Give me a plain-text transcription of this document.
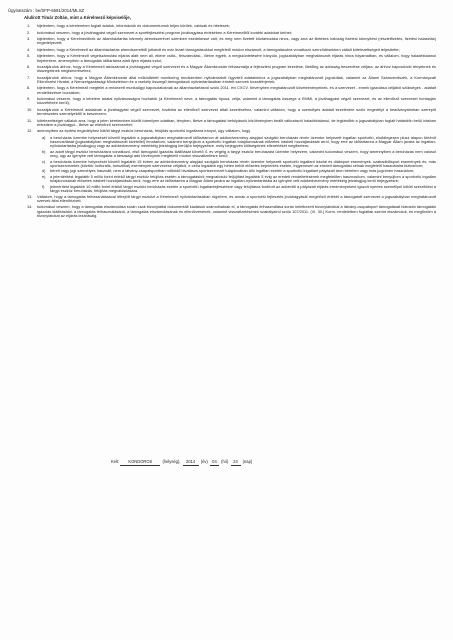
Ügyiratszám : be/SFP-6591/2014/MLSZ
Alulírott Timár Zoltán, mint a Kérelmező képviselője,
1. kijelentem, hogy a kérelemben foglalt adatok, információk és dokumentumok teljes körűek, valósak és hitelesek;
2. tudomásul veszem, hogy a jóváhagyást végző szervezet a sportfejlesztési program jóváhagyása érdekében a Kérelmezőtől további adatokat kérhet;
3. kijelentem, hogy a Kérelmezőnek az államháztartás bármely alrendszerével szemben esedékessé vált, és meg nem fizetett köztartozása nincs, vagy arra az illetékes hatóság fizetési könnyítést (részletfizetés, fizetési halasztás) engedélyezett;
4. kijelentem, hogy a Kérelmező az államháztartás alrendszereiből juttatott és már lezárt támogatásokkal megfelelő módon elszámolt, a támogatásokra vonatkozó szerződésekben vállalt kötelezettségeit teljesítette;
5. kijelentem, hogy a Kérelmező végelszámolási eljárás alatt nem áll, ellene csőd-, felszámolási-, illetve egyéb, a megszüntetésére irányuló, jogszabályban meghatározott eljárás nincs folyamatban, és vállalom, hogy haladéktalanul bejelentem, amennyiben a támogatás időtartama alatt ilyen eljárás indul;
6. hozzájárulok ahhoz, hogy a Kérelmező adószámát a jóváhagyást végző szervezet és a Magyar Államkincstár felhasználja a fejlesztési program kezelése, illetőleg az adósság beszedése céljára, az ahhoz kapcsolódó tényeknek és összegeknek megismeréséhez;
7. hozzájárulok ahhoz, hogy a Magyar Államkincstár által működtetett monitoring rendszerben nyilvántartott ügyviteli adatainkhoz a jogszabályban meghatározott jogosultak, valamint az Állami Számvevőszék, a Kormányzati Ellenőrzési Hivatal, a Nemzetgazdasági Minisztérium és a csekély összegű támogatások nyilvántartásában érintett szervek hozzáférjenek;
8. kijelentem, hogy a Kérelmező megfelel a rendezett munkaügyi kapcsolatoknak az államháztartásról szóló 2011. évi CXCV. törvényben meghatározott követelményeinek, és a szervezet - ennek igazolása céljából szükséges - adatait rendelkezésre bocsátom;
9. tudomásul veszem, hogy a kérelem adatai nyilvánosságra hozhatók (a Kérelmező neve, a támogatás típusa, célja, valamint a támogatás összege a EMMI, a jóváhagyást végző szervezet, és az ellenőrző szervezet honlapján közzétételre kerül);
10. hozzájárulok a Kérelmező adatainak a jóváhagyást végző szervezet, továbbá az ellenőrző szervezet általi kezeléséhez, valamint vállalom, hogy a személyes adatait kezelésére szóló engedélyt a beadványaimban szereplő természetes személyektől is beszerzem;
11. kötelezettséget vállalok arra, hogy a jelen kérelemben közölt bármilyen adatban, tényben, illetve a támogatást befolyásoló körülményben beállt változásról haladéktalanul, de legkésőbb a jogszabályban foglalt határidőn belül írásban értesítem a jóváhagyó-, illetve az ellenőrző szervezetet;
12. amennyiben az építési engedélyhez kötött tárgyi eszköz beruházás, felújítás sportcélú ingatlanra irányul, úgy vállalom, hogy
a) a beruházás üzembe helyezését követő legalább a jogszabályban meghatározott időtartamon át adókedvezmény alapjául szolgáló beruházás révén üzembe helyezett ingatlan sportcélú, elsődlegesen plusz alapon történő hasznosítását (jogszabályban meghatározott kivétellel) fenntartom, valamint benyújtom a sportcélú ingatlan tulajdonosának előzetes írásbeli hozzájárulását arról, hogy erre az időtartamra a Magyar Állam javára az ingatlan-nyilvántartásba jelzálogjog vagy az adókedvezmény mértékéig jelzálogjog kerüljön bejegyzésre, mely bejegyzés költségeinek ellenértékét megfizetem;
b) az adott tárgyi eszköz beruházásra vonatkozó, első támogatói igazolás kiállítását követő 4. év végéig a tárgyi eszköz beruházást üzembe helyezem, valamint tudomásul veszem, hogy amennyiben a beruházás nem valósul meg, úgy az igénybe vett támogatás a társasági adó törvénynek megfelelő módon visszafizetésre kerül;
c) a beruházás üzembe helyezését követő legalább 15 évben az adókedvezmény alapjául szolgáló beruházás révén üzembe helyezett sportcélú ingatlant iskolai és diáksport események, szabadidősport események és, más sportszervezetek (köztük: kulturális, turisztikai) események szervezése céljából, e célra legalább egy héten belüli előzetes bejelentés esetén, ingyenesen az eredeti támogatási célnak megfelelő használatra biztosítom;
d) bérelt vagy jogi személyes használt, nem a látvány-csapatsportban működő hivatásos sportszervezet tulajdonában álló ingatlan esetén a sportcélú ingatlant pályázati áron bérelem vagy más jogcímen használom,
e) a jelentérítést legalább 5 millió forint értékű tárgyi eszköz felújítás esetén a támogatásból megvalósuló feljújítást legalább 5 évig az eredeti rendeltetésének megfelelően hasznosítom, valamint benyújtom a sportcélú ingatlan tulajdonosának előzetes írásbeli hozzájárulását arról, hogy erre az időtartamra a Magyar Állam javára az ingatlan-nyilvántartásba az igénybe vett adókedvezmény mértékéig jelzálogjog kerül bejegyzésre;
f) jelenérítést legalább 10 millió forint értékű tárgyi eszköz beruházás esetén a sportcélú ingatlanfejlesztésre vagy felújításra fordított az adóévtől a pályázati eljárás eredményeként igazolt nyertes személlyel kötött szerződést a tárgyi eszköz beruházás, felújítás megvalósítására.
13. Vállalom, hogy a támogatás felhasználásával létrejött tárgyi eszközt a Kérelmező nyilvántartásában rögzítem, és annak a sportcélú fejlesztés jóváhagyását megelőző értékét a támogatott szervezet a jogszabályban meghatározott szervek által ellenőrizheti.
14. tudomásul veszem, hogy a támogatás elszámolása során csak bizonylattal dokumentált kiadások számolhatóak el, a támogatás felhasználása során keletkezett bizonylatokkal a látvány-csapatsport támogatását biztosító támogatási igazolás kiállításától, a támogatás felhasználásáról, a támogatás elszámolásának és ellenőrzésének, valamint visszafizetésének szabályairól szóló 107/2011. (VI. 30.) Korm. rendeletben foglaltak szerint elszámolok, és megőrzöm a bizonylatokat az eljárás lezárásáig.
Kelt: KONDOROS (helység), 2014 (év) 04 (hó) 24 (nap)
